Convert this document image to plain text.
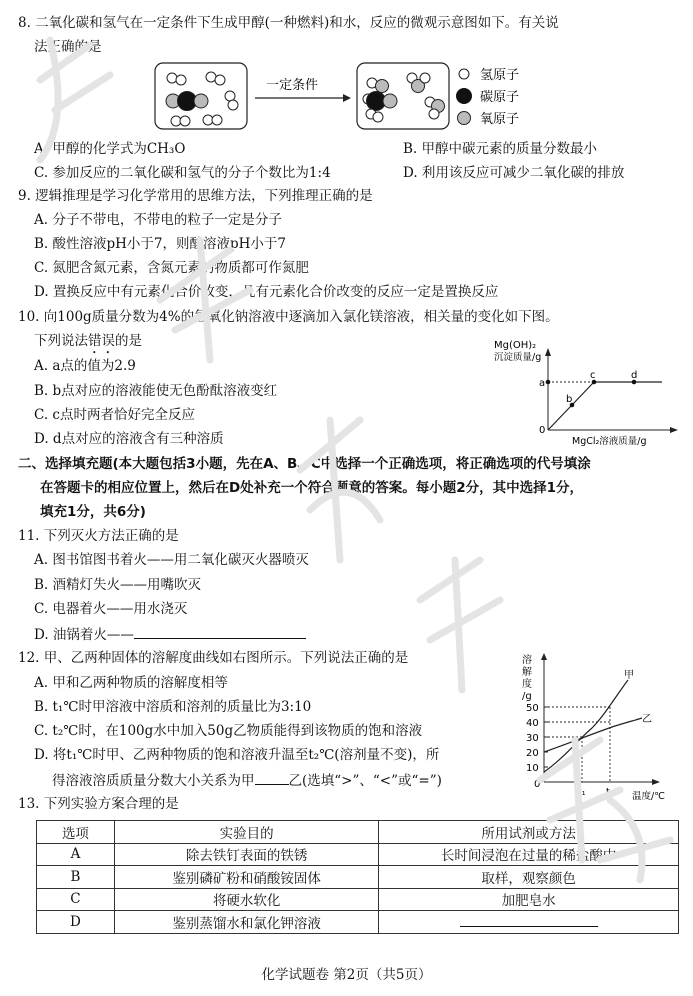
8. 二氧化碳和氢气在一定条件下生成甲醇(一种燃料)和水，反应的微观示意图如下。有关说
法正确的是
一定条件
氢原子
碳原子
氧原子
A. 甲醇的化学式为CH₃O	B. 甲醇中碳元素的质量分数最小
C. 参加反应的二氧化碳和氢气的分子个数比为1:4	D. 利用该反应可减少二氧化碳的排放
9. 逻辑推理是学习化学常用的思维方法，下列推理正确的是
A. 分子不带电，不带电的粒子一定是分子
B. 酸性溶液pH小于7，则酸溶液pH小于7
C. 氮肥含氮元素，含氮元素的物质都可作氮肥
D. 置换反应中有元素化合价改变，凡有元素化合价改变的反应一定是置换反应
10. 向100g质量分数为4%的氢氧化钠溶液中逐滴加入氯化镁溶液，相关量的变化如下图。
下列说法错误的是
A. a点的值为2.9
B. b点对应的溶液能使无色酚酞溶液变红
C. c点时两者恰好完全反应
D. d点对应的溶液含有三种溶质
Mg(OH)₂
沉淀质量/g
a
b
c	d
0
MgCl₂溶液质量/g
二、选择填充题(本大题包括3小题，先在A、B、C中选择一个正确选项，将正确选项的代号填涂
在答题卡的相应位置上，然后在D处补充一个符合题意的答案。每小题2分，其中选择1分，
填充1分，共6分)
11. 下列灭火方法正确的是
A. 图书馆图书着火——用二氧化碳灭火器喷灭
B. 酒精灯失火——用嘴吹灭
C. 电器着火——用水浇灭
D. 油锅着火——
12. 甲、乙两种固体的溶解度曲线如右图所示。下列说法正确的是
A. 甲和乙两种物质的溶解度相等
B. t₁℃时甲溶液中溶质和溶剂的质量比为3:10
C. t₂℃时，在100g水中加入50g乙物质能得到该物质的饱和溶液
D. 将t₁℃时甲、乙两种物质的饱和溶液升温至t₂℃(溶剂量不变)，所
得溶液溶质质量分数大小关系为甲	乙(选填“>”、“<”或“=”)
溶
解
度
/g
50
40
30
20
10
0
甲
乙
t₁ t₂ 温度/℃
13. 下列实验方案合理的是
选项	实验目的	所用试剂或方法
A	除去铁钉表面的铁锈	长时间浸泡在过量的稀盐酸中
B	鉴别磷矿粉和硝酸铵固体	取样，观察颜色
C	将硬水软化	加肥皂水
D	鉴别蒸馏水和氯化钾溶液	
化学试题卷 第2页（共5页）
